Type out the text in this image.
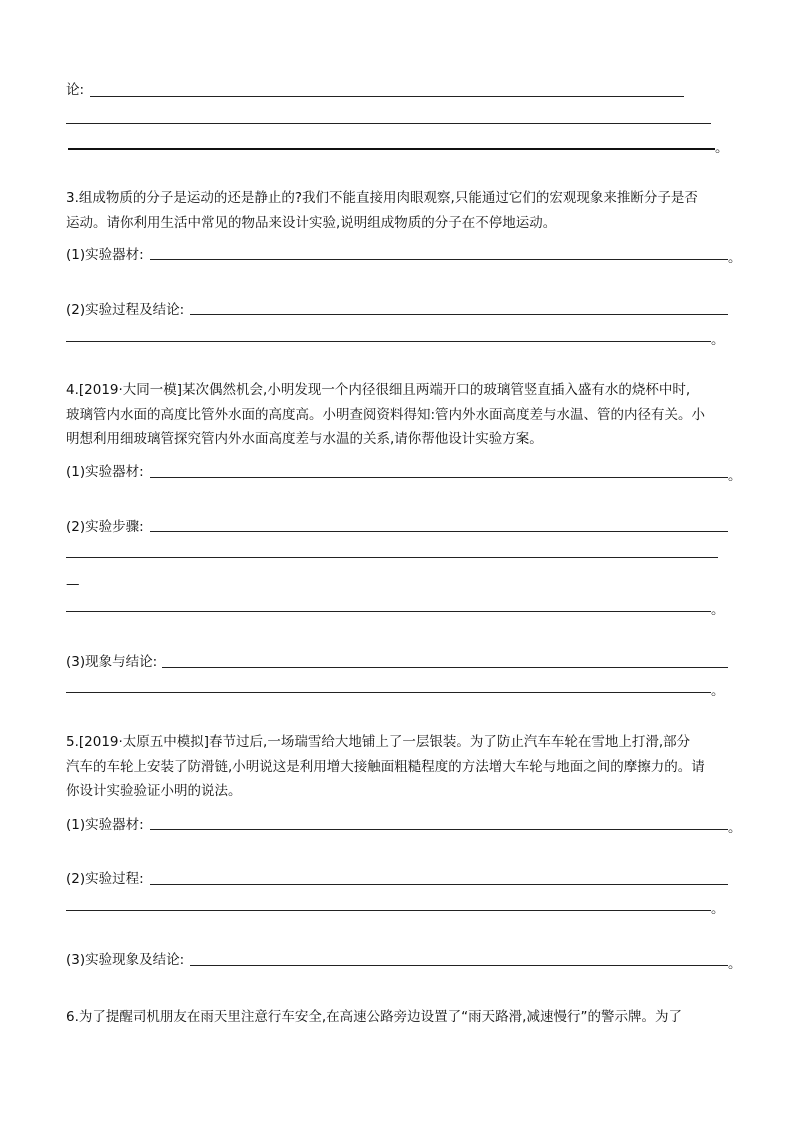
论:
。
3.组成物质的分子是运动的还是静止的?我们不能直接用肉眼观察,只能通过它们的宏观现象来推断分子是否
运动。请你利用生活中常见的物品来设计实验,说明组成物质的分子在不停地运动。
(1)实验器材:	。
(2)实验过程及结论:
。
4.[2019·大同一模]某次偶然机会,小明发现一个内径很细且两端开口的玻璃管竖直插入盛有水的烧杯中时,
玻璃管内水面的高度比管外水面的高度高。小明查阅资料得知:管内外水面高度差与水温、管的内径有关。小
明想利用细玻璃管探究管内外水面高度差与水温的关系,请你帮他设计实验方案。
(1)实验器材:	。
(2)实验步骤:
—
。
(3)现象与结论:
。
5.[2019·太原五中模拟]春节过后,一场瑞雪给大地铺上了一层银装。为了防止汽车车轮在雪地上打滑,部分
汽车的车轮上安装了防滑链,小明说这是利用增大接触面粗糙程度的方法增大车轮与地面之间的摩擦力的。请
你设计实验验证小明的说法。
(1)实验器材:	。
(2)实验过程:
。
(3)实验现象及结论:	。
6.为了提醒司机朋友在雨天里注意行车安全,在高速公路旁边设置了“雨天路滑,减速慢行”的警示牌。为了
